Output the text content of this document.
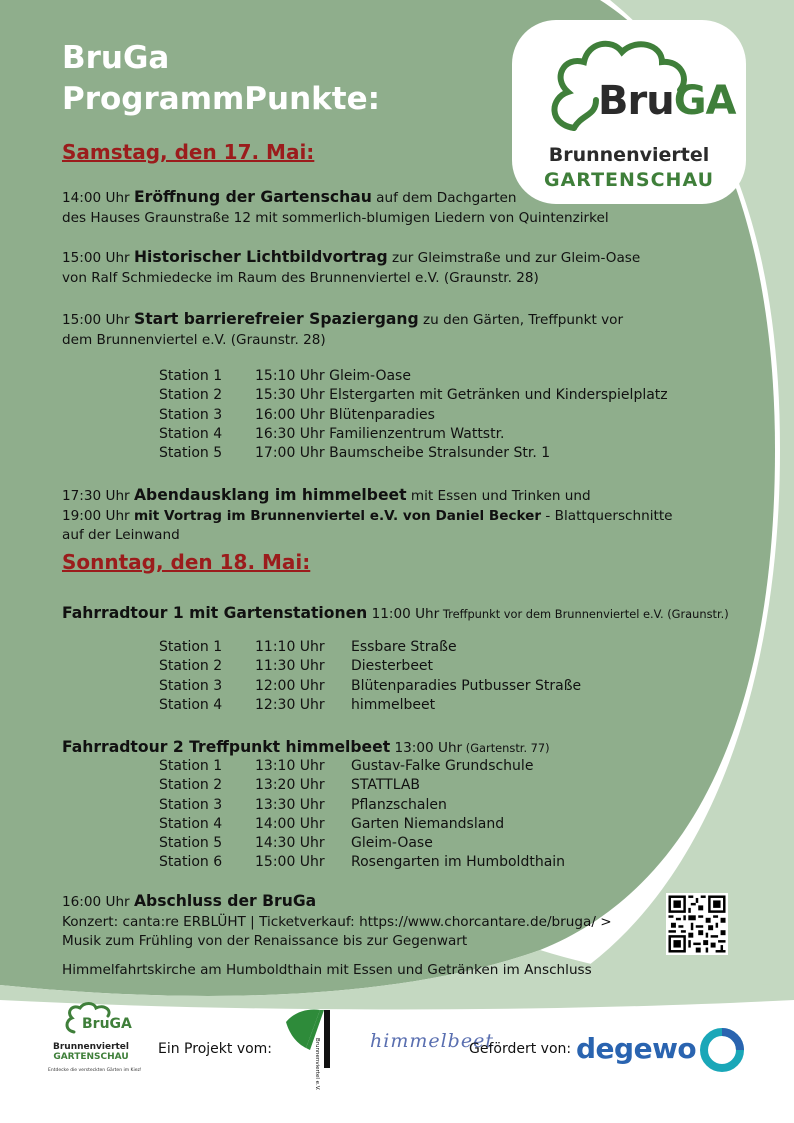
BruGa
ProgrammPunkte:	BruGA
Brunnenviertel
GARTENSCHAU
Samstag, den 17. Mai:
14:00 Uhr Eröffnung der Gartenschau auf dem Dachgarten
des Hauses Graunstraße 12 mit sommerlich-blumigen Liedern von Quintenzirkel
15:00 Uhr Historischer Lichtbildvortrag zur Gleimstraße und zur Gleim-Oase
von Ralf Schmiedecke im Raum des Brunnenviertel e.V. (Graunstr. 28)
15:00 Uhr Start barrierefreier Spaziergang zu den Gärten, Treffpunkt vor
dem Brunnenviertel e.V. (Graunstr. 28)
Station 1	15:10 Uhr Gleim-Oase
Station 2	15:30 Uhr Elstergarten mit Getränken und Kinderspielplatz
Station 3	16:00 Uhr Blütenparadies
Station 4	16:30 Uhr Familienzentrum Wattstr.
Station 5	17:00 Uhr Baumscheibe Stralsunder Str. 1
17:30 Uhr Abendausklang im himmelbeet mit Essen und Trinken und
19:00 Uhr mit Vortrag im Brunnenviertel e.V. von Daniel Becker - Blattquerschnitte
auf der Leinwand
Sonntag, den 18. Mai:
Fahrradtour 1 mit Gartenstationen 11:00 Uhr Treffpunkt vor dem Brunnenviertel e.V. (Graunstr.)
Station 1	11:10 Uhr	Essbare Straße
Station 2	11:30 Uhr	Diesterbeet
Station 3	12:00 Uhr	Blütenparadies Putbusser Straße
Station 4	12:30 Uhr	himmelbeet
Fahrradtour 2 Treffpunkt himmelbeet 13:00 Uhr (Gartenstr. 77)
Station 1	13:10 Uhr	Gustav-Falke Grundschule
Station 2	13:20 Uhr	STATTLAB
Station 3	13:30 Uhr	Pflanzschalen
Station 4	14:00 Uhr	Garten Niemandsland
Station 5	14:30 Uhr	Gleim-Oase
Station 6	15:00 Uhr	Rosengarten im Humboldthain
16:00 Uhr Abschluss der BruGa
Konzert: canta:re ERBLÜHT | Ticketverkauf: https://www.chorcantare.de/bruga/ >
Musik zum Frühling von der Renaissance bis zur Gegenwart
Himmelfahrtskirche am Humboldthain mit Essen und Getränken im Anschluss
BruGA
Brunnenviertel
GARTENSCHAU
Entdecke die versteckten Gärten im Kiez!
Ein Projekt vom:	Brunnenviertel e.V.	himmelbeet
Gefördert von: degewo
